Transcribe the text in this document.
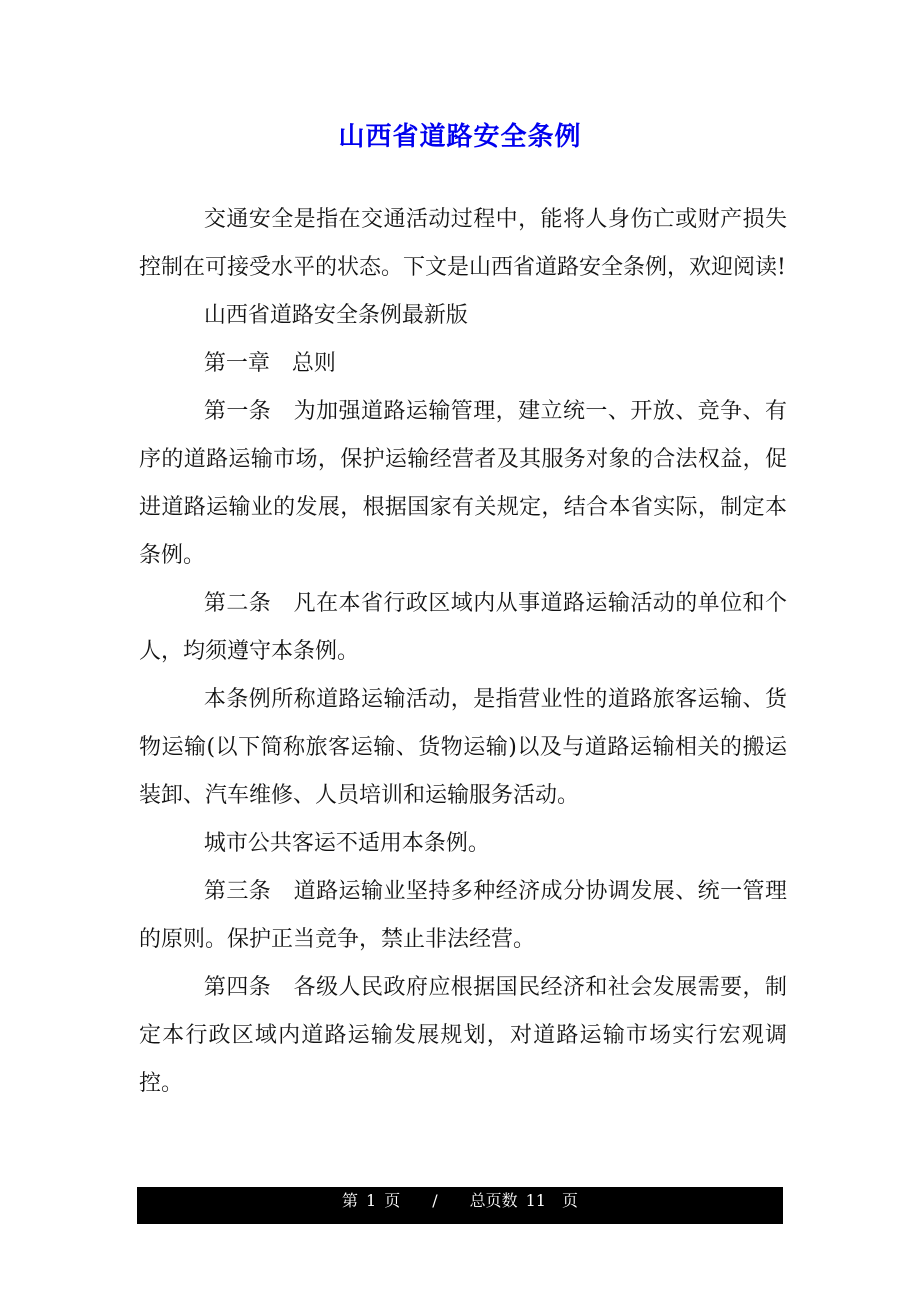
山西省道路安全条例

交通安全是指在交通活动过程中，能将人身伤亡或财产损失控制在可接受水平的状态。下文是山西省道路安全条例，欢迎阅读!

山西省道路安全条例最新版

第一章　总则

第一条　为加强道路运输管理，建立统一、开放、竞争、有序的道路运输市场，保护运输经营者及其服务对象的合法权益，促进道路运输业的发展，根据国家有关规定，结合本省实际，制定本条例。

第二条　凡在本省行政区域内从事道路运输活动的单位和个人，均须遵守本条例。

本条例所称道路运输活动，是指营业性的道路旅客运输、货物运输(以下简称旅客运输、货物运输)以及与道路运输相关的搬运装卸、汽车维修、人员培训和运输服务活动。

城市公共客运不适用本条例。

第三条　道路运输业坚持多种经济成分协调发展、统一管理的原则。保护正当竞争，禁止非法经营。

第四条　各级人民政府应根据国民经济和社会发展需要，制定本行政区域内道路运输发展规划，对道路运输市场实行宏观调控。

第 1 页 / 总页数 11 页
